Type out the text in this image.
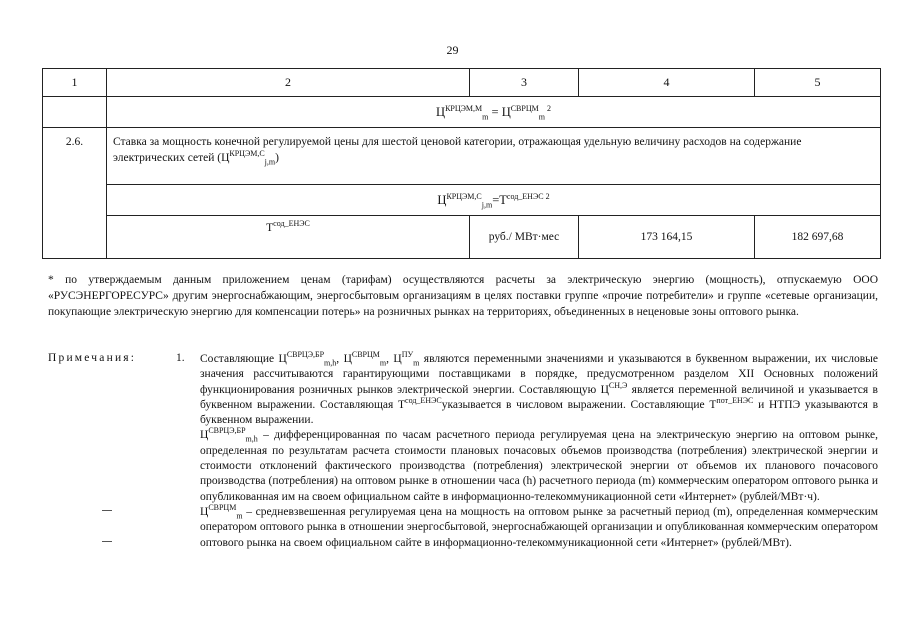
29
1	2	3	4	5
	$Ц^{КРЦЭМ,М}_m = Ц^{СВРЦМ}_m$ $^2$
2.6.	Ставка за мощность конечной регулируемой цены для шестой ценовой категории, отражающая удельную величину расходов на содержание электрических сетей $(Ц^{КРЦЭМ,С}_{j,m})$			
	$Ц^{КРЦЭМ,С}_{j,m}=Т^{сод\_ЕНЭС}$ $^2$
	$Т^{сод\_ЕНЭС}$	руб./ МВт·мес	173 164,15	182 697,68
* по утверждаемым данным приложением ценам (тарифам) осуществляются расчеты за электрическую энергию (мощность), отпускаемую ООО «РУСЭНЕРГОРЕСУРС» другим энергоснабжающим, энергосбытовым организациям в целях поставки группе «прочие потребители» и группе «сетевые организации, покупающие электрическую энергию для компенсации потерь» на розничных рынках на территориях, объединенных в неценовые зоны оптового рынка.
Примечания:	1. Составляющие $Ц^{СВРЦЭ,БР}_{m,h}$, $Ц^{СВРЦМ}_m$, $Ц^{ПУ}_m$ являются переменными значениями и указываются в буквенном выражении, их числовые значения рассчитываются гарантирующими поставщиками в порядке, предусмотренном разделом XII Основных положений функционирования розничных рынков электрической энергии. Составляющую $Ц^{СН,Э}$ является переменной величиной и указывается в буквенном выражении. Составляющая $Т^{сод\_ЕНЭС}указывается$ в числовом выражении. Составляющие $Т^{пот\_ЕНЭС}$ и НТПЭ указываются в буквенном выражении.

$Ц^{СВРЦЭ,БР}_{m,h}$ – дифференцированная по часам расчетного периода регулируемая цена на электрическую энергию на оптовом рынке, определенная по результатам расчета стоимости плановых почасовых объемов производства (потребления) электрической энергии и стоимости отклонений фактического производства (потребления) электрической энергии от объемов их планового почасового производства (потребления) на оптовом рынке в отношении часа (h) расчетного периода (m) коммерческим оператором оптового рынка и опубликованная им на своем официальном сайте в информационно-телекоммуникационной сети «Интернет» (рублей/МВт·ч).

$Ц^{СВРЦМ}_m$ – средневзвешенная регулируемая цена на мощность на оптовом рынке за расчетный период (m), определенная коммерческим оператором оптового рынка в отношении энергосбытовой, энергоснабжающей организации и опубликованная коммерческим оператором оптового рынка на своем официальном сайте в информационно-телекоммуникационной сети «Интернет» (рублей/МВт).
